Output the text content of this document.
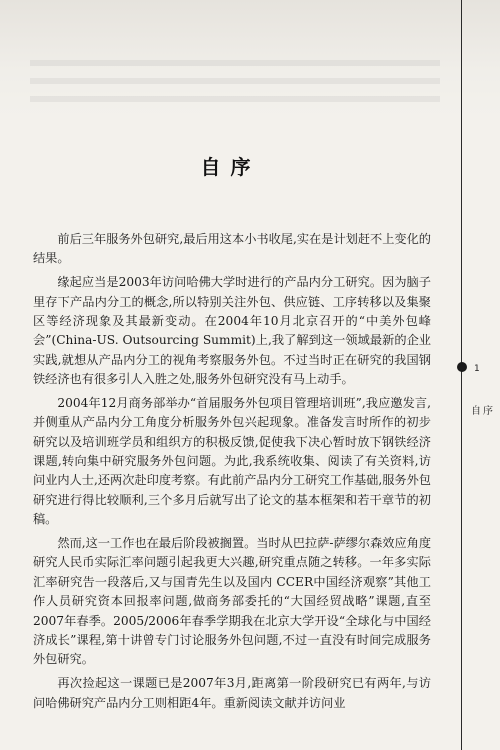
1
自序
自序

前后三年服务外包研究,最后用这本小书收尾,实在是计划赶不上变化的结果。

缘起应当是2003年访问哈佛大学时进行的产品内分工研究。因为脑子里存下产品内分工的概念,所以特别关注外包、供应链、工序转移以及集聚区等经济现象及其最新变动。在2004年10月北京召开的“中美外包峰会”(China-US. Outsourcing Summit)上,我了解到这一领域最新的企业实践,就想从产品内分工的视角考察服务外包。不过当时正在研究的我国钢铁经济也有很多引人入胜之处,服务外包研究没有马上动手。

2004年12月商务部举办“首届服务外包项目管理培训班”,我应邀发言,并侧重从产品内分工角度分析服务外包兴起现象。准备发言时所作的初步研究以及培训班学员和组织方的积极反馈,促使我下决心暂时放下钢铁经济课题,转向集中研究服务外包问题。为此,我系统收集、阅读了有关资料,访问业内人士,还两次赴印度考察。有此前产品内分工研究工作基础,服务外包研究进行得比较顺利,三个多月后就写出了论文的基本框架和若干章节的初稿。

然而,这一工作也在最后阶段被搁置。当时从巴拉萨-萨缪尔森效应角度研究人民币实际汇率问题引起我更大兴趣,研究重点随之转移。一年多实际汇率研究告一段落后,又与国青先生以及国内 CCER中国经济观察”其他工作人员研究资本回报率问题,做商务部委托的“大国经贸战略”课题,直至2007年春季。2005/2006年春季学期我在北京大学开设“全球化与中国经济成长”课程,第十讲曾专门讨论服务外包问题,不过一直没有时间完成服务外包研究。

再次捡起这一课题已是2007年3月,距离第一阶段研究已有两年,与访问哈佛研究产品内分工则相距4年。重新阅读文献并访问业
